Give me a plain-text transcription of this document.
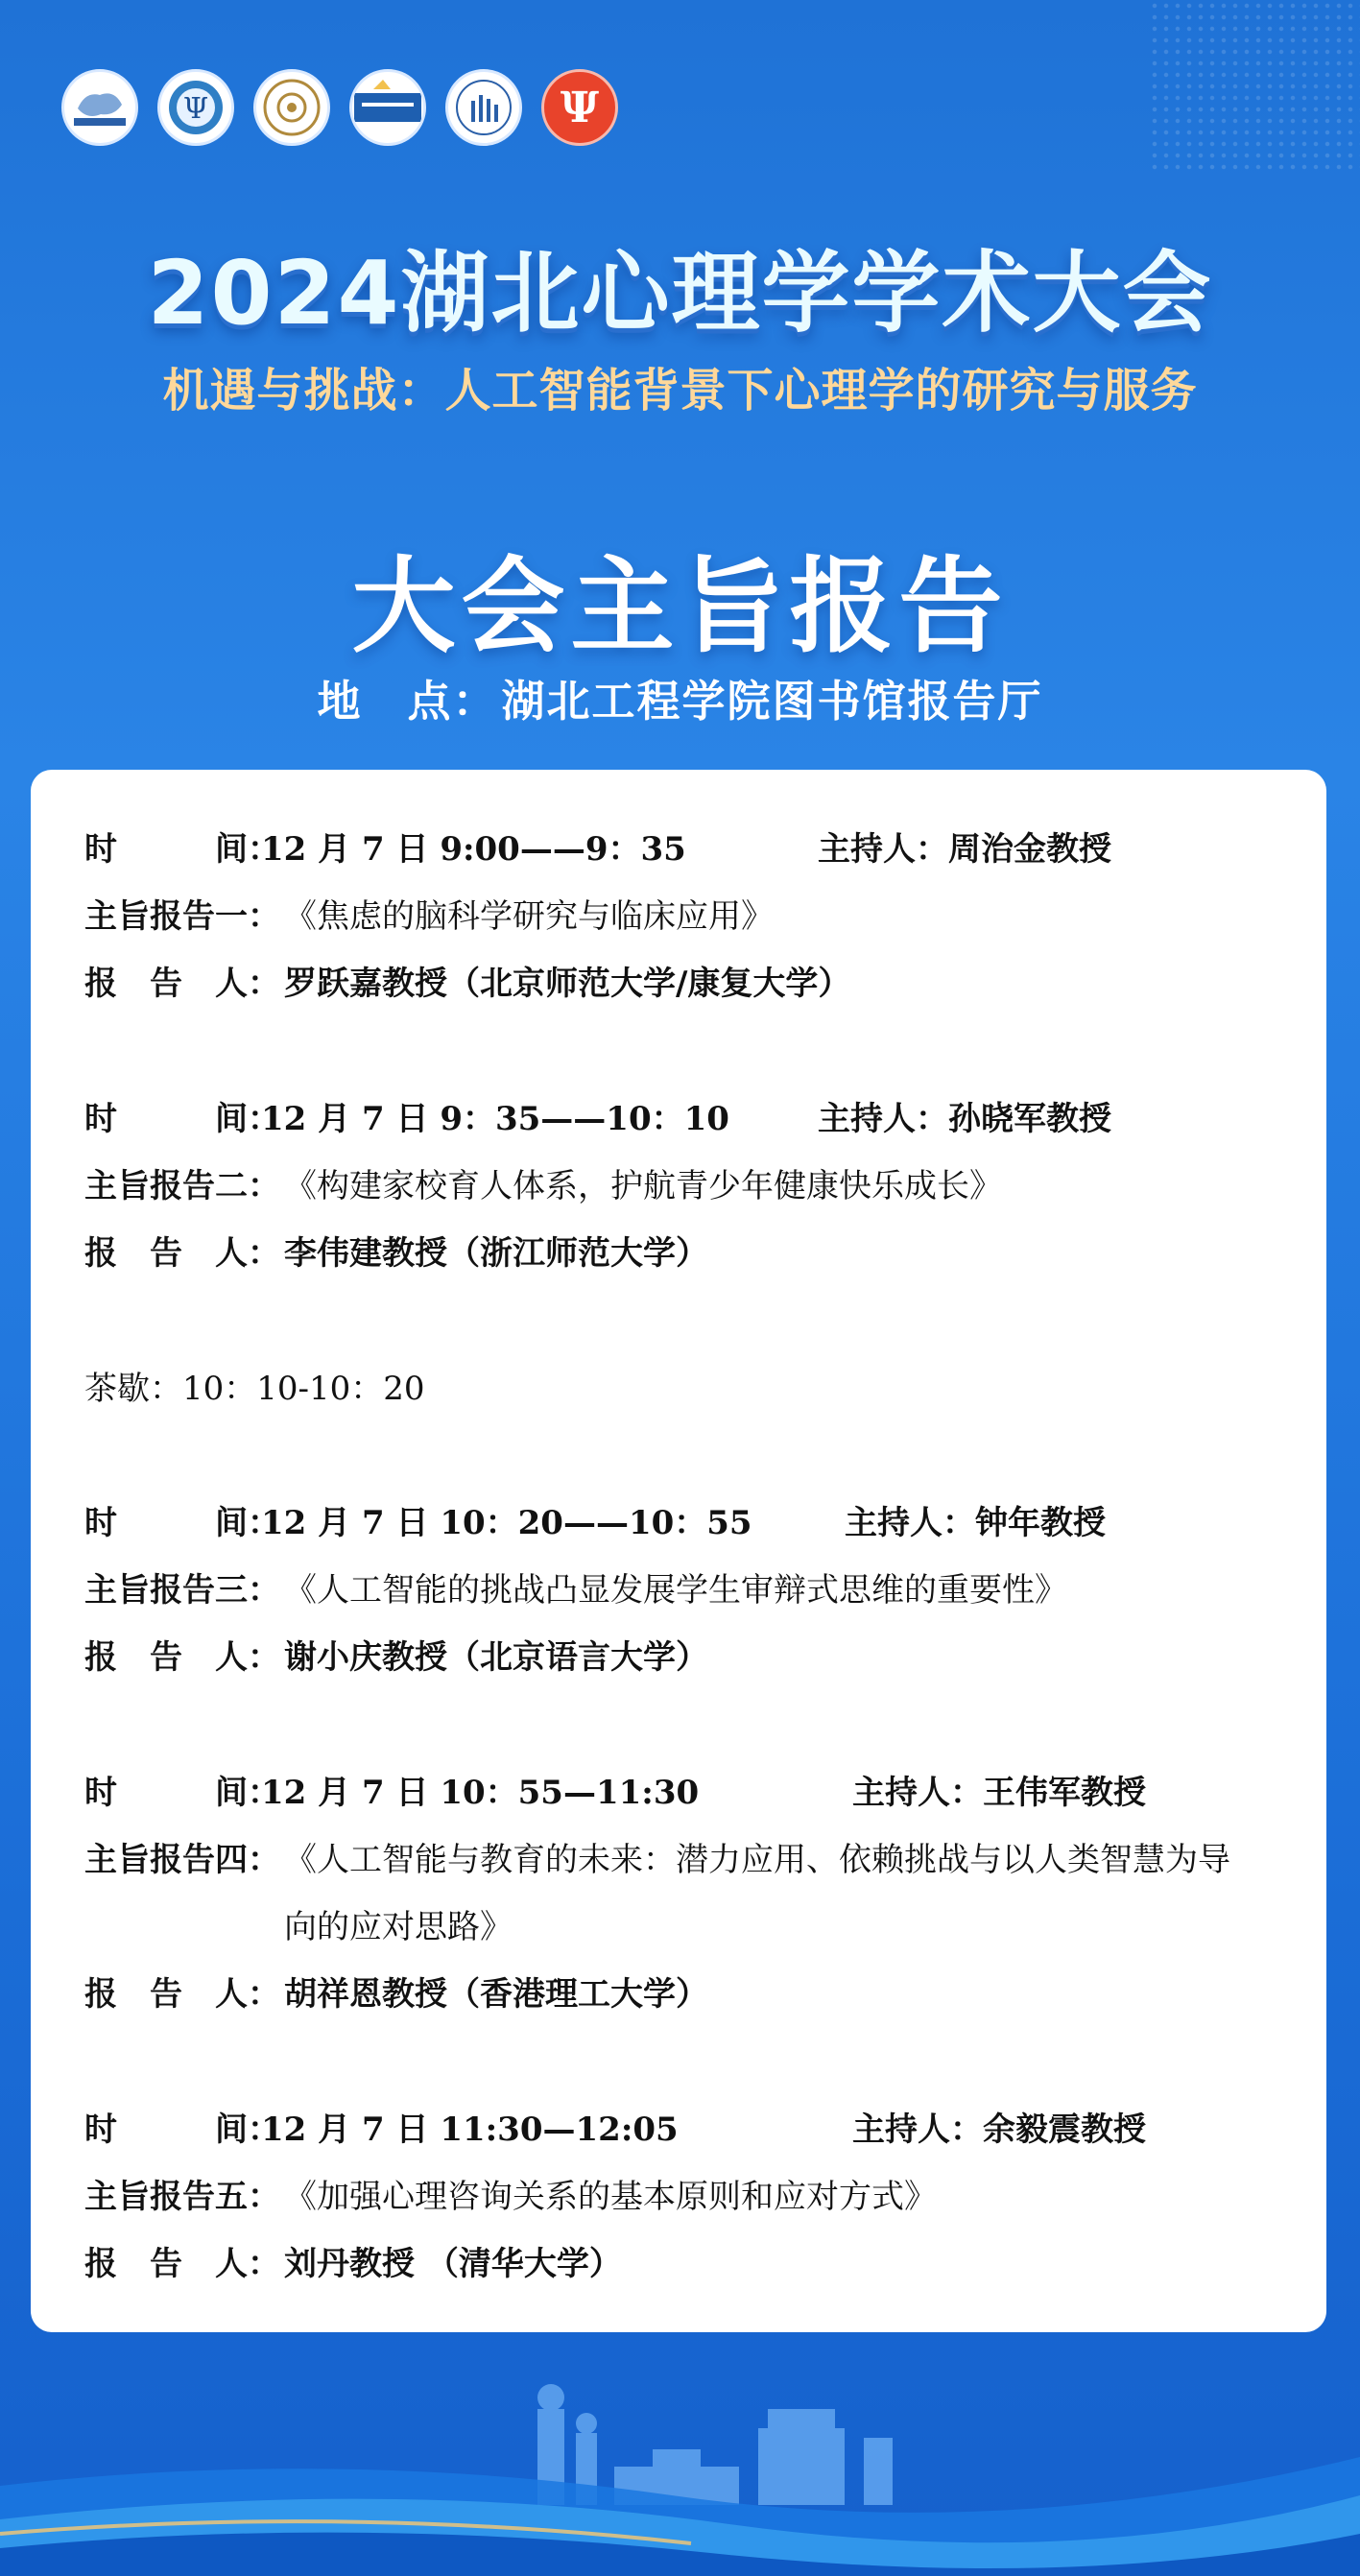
Ψ	Ψ
2024湖北心理学学术大会
机遇与挑战：人工智能背景下心理学的研究与服务
大会主旨报告
地　点：湖北工程学院图书馆报告厅
时　　　间：12 月 7 日 9:00——9：35	主持人：周治金教授
主旨报告一： 《焦虑的脑科学研究与临床应用》
报　告　人： 罗跃嘉教授（北京师范大学/康复大学）
时　　　间：12 月 7 日 9：35——10：10	主持人：孙晓军教授
主旨报告二： 《构建家校育人体系，护航青少年健康快乐成长》
报　告　人： 李伟建教授（浙江师范大学）
茶歇：10：10-10：20
时　　　间：12 月 7 日 10：20——10：55	主持人：钟年教授
主旨报告三： 《人工智能的挑战凸显发展学生审辩式思维的重要性》
报　告　人： 谢小庆教授（北京语言大学）
时　　　间：12 月 7 日 10：55—11:30	主持人：王伟军教授
主旨报告四： 《人工智能与教育的未来：潜力应用、依赖挑战与以人类智慧为导
向的应对思路》
报　告　人： 胡祥恩教授（香港理工大学）
时　　　间：12 月 7 日 11:30—12:05	主持人：余毅震教授
主旨报告五： 《加强心理咨询关系的基本原则和应对方式》
报　告　人： 刘丹教授 （清华大学）
